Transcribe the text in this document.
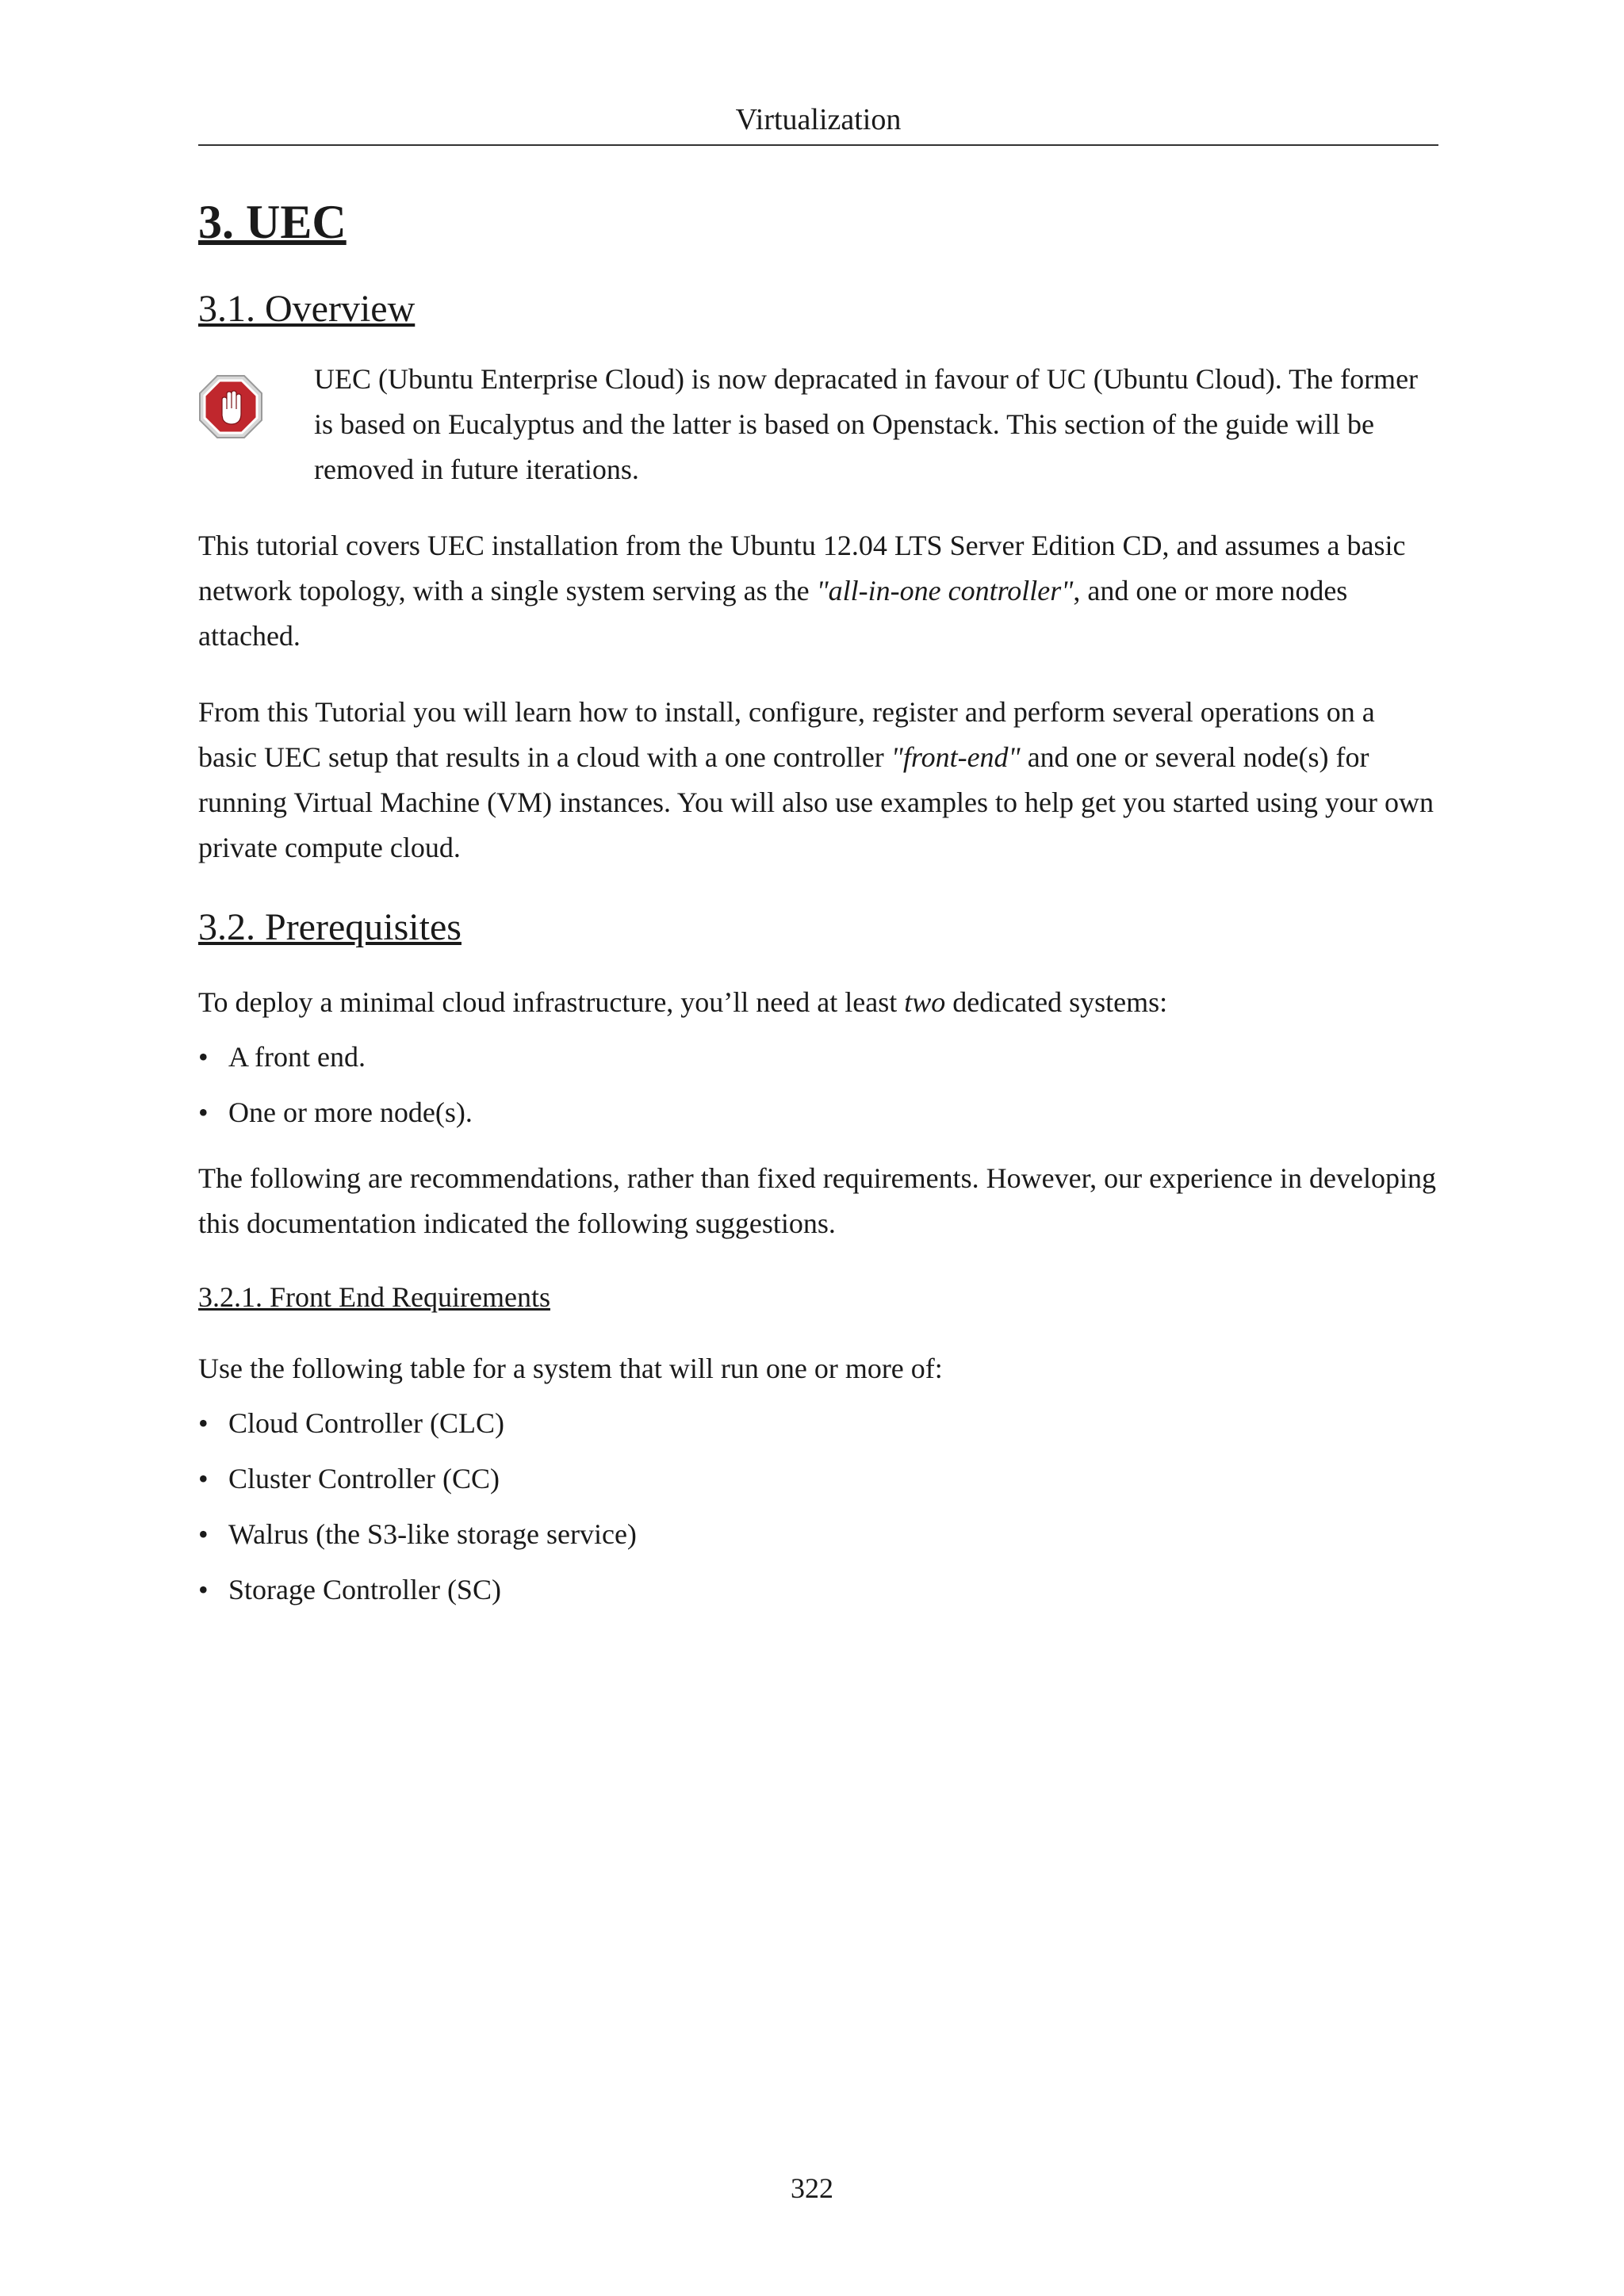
Virtualization
3. UEC
3.1. Overview

UEC (Ubuntu Enterprise Cloud) is now depracated in favour of UC (Ubuntu Cloud). The former is based on Eucalyptus and the latter is based on Openstack. This section of the guide will be removed in future iterations.

This tutorial covers UEC installation from the Ubuntu 12.04 LTS Server Edition CD, and assumes a basic network topology, with a single system serving as the "all-in-one controller", and one or more nodes attached.

From this Tutorial you will learn how to install, configure, register and perform several operations on a basic UEC setup that results in a cloud with a one controller "front-end" and one or several node(s) for running Virtual Machine (VM) instances. You will also use examples to help get you started using your own private compute cloud.

3.2. Prerequisites

To deploy a minimal cloud infrastructure, you’ll need at least two dedicated systems:

• A front end.
• One or more node(s).

The following are recommendations, rather than fixed requirements. However, our experience in developing this documentation indicated the following suggestions.

3.2.1. Front End Requirements

Use the following table for a system that will run one or more of:

• Cloud Controller (CLC)
• Cluster Controller (CC)
• Walrus (the S3-like storage service)
• Storage Controller (SC)
322
